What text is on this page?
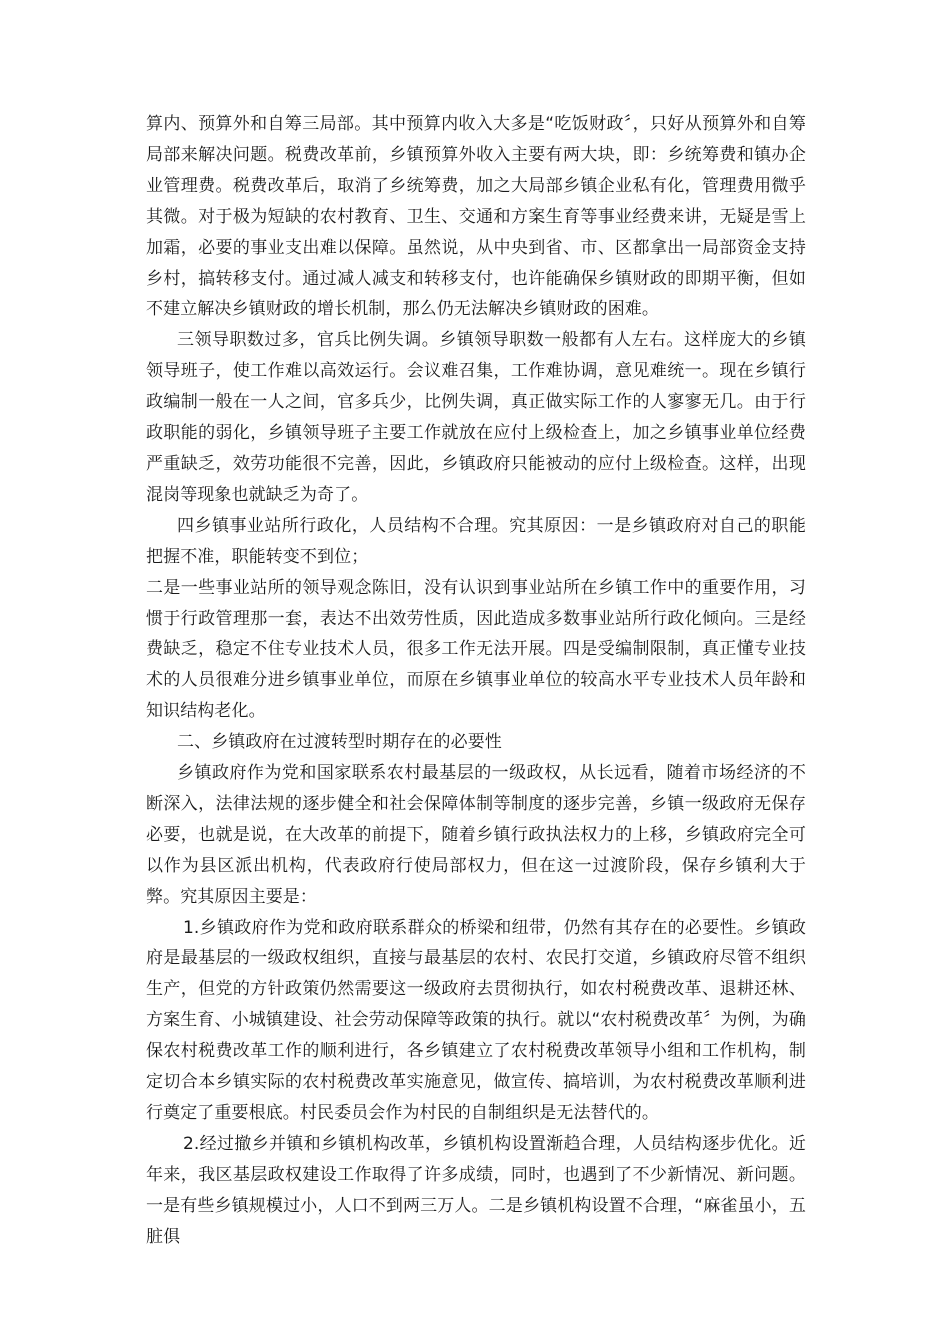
算内、预算外和自筹三局部。其中预算内收入大多是“吃饭财政〞，只好从预算外和自筹局部来解决问题。税费改革前，乡镇预算外收入主要有两大块，即：乡统筹费和镇办企业管理费。税费改革后，取消了乡统筹费，加之大局部乡镇企业私有化，管理费用微乎其微。对于极为短缺的农村教育、卫生、交通和方案生育等事业经费来讲，无疑是雪上加霜，必要的事业支出难以保障。虽然说，从中央到省、市、区都拿出一局部资金支持乡村，搞转移支付。通过减人减支和转移支付，也许能确保乡镇财政的即期平衡，但如不建立解决乡镇财政的增长机制，那么仍无法解决乡镇财政的困难。

三领导职数过多，官兵比例失调。乡镇领导职数一般都有人左右。这样庞大的乡镇领导班子，使工作难以高效运行。会议难召集，工作难协调，意见难统一。现在乡镇行政编制一般在一人之间，官多兵少，比例失调，真正做实际工作的人寥寥无几。由于行政职能的弱化，乡镇领导班子主要工作就放在应付上级检查上，加之乡镇事业单位经费严重缺乏，效劳功能很不完善，因此，乡镇政府只能被动的应付上级检查。这样，出现混岗等现象也就缺乏为奇了。

四乡镇事业站所行政化，人员结构不合理。究其原因：一是乡镇政府对自己的职能把握不准，职能转变不到位；

二是一些事业站所的领导观念陈旧，没有认识到事业站所在乡镇工作中的重要作用，习惯于行政管理那一套，表达不出效劳性质，因此造成多数事业站所行政化倾向。三是经费缺乏，稳定不住专业技术人员，很多工作无法开展。四是受编制限制，真正懂专业技术的人员很难分进乡镇事业单位，而原在乡镇事业单位的较高水平专业技术人员年龄和知识结构老化。

二、乡镇政府在过渡转型时期存在的必要性

乡镇政府作为党和国家联系农村最基层的一级政权，从长远看，随着市场经济的不断深入，法律法规的逐步健全和社会保障体制等制度的逐步完善，乡镇一级政府无保存必要，也就是说，在大改革的前提下，随着乡镇行政执法权力的上移，乡镇政府完全可以作为县区派出机构，代表政府行使局部权力，但在这一过渡阶段，保存乡镇利大于弊。究其原因主要是：

1.乡镇政府作为党和政府联系群众的桥梁和纽带，仍然有其存在的必要性。乡镇政府是最基层的一级政权组织，直接与最基层的农村、农民打交道，乡镇政府尽管不组织生产，但党的方针政策仍然需要这一级政府去贯彻执行，如农村税费改革、退耕还林、方案生育、小城镇建设、社会劳动保障等政策的执行。就以“农村税费改革〞为例，为确保农村税费改革工作的顺利进行，各乡镇建立了农村税费改革领导小组和工作机构，制定切合本乡镇实际的农村税费改革实施意见，做宣传、搞培训，为农村税费改革顺利进行奠定了重要根底。村民委员会作为村民的自制组织是无法替代的。

2.经过撤乡并镇和乡镇机构改革，乡镇机构设置渐趋合理，人员结构逐步优化。近年来，我区基层政权建设工作取得了许多成绩，同时，也遇到了不少新情况、新问题。一是有些乡镇规模过小，人口不到两三万人。二是乡镇机构设置不合理，“麻雀虽小，五脏俱
